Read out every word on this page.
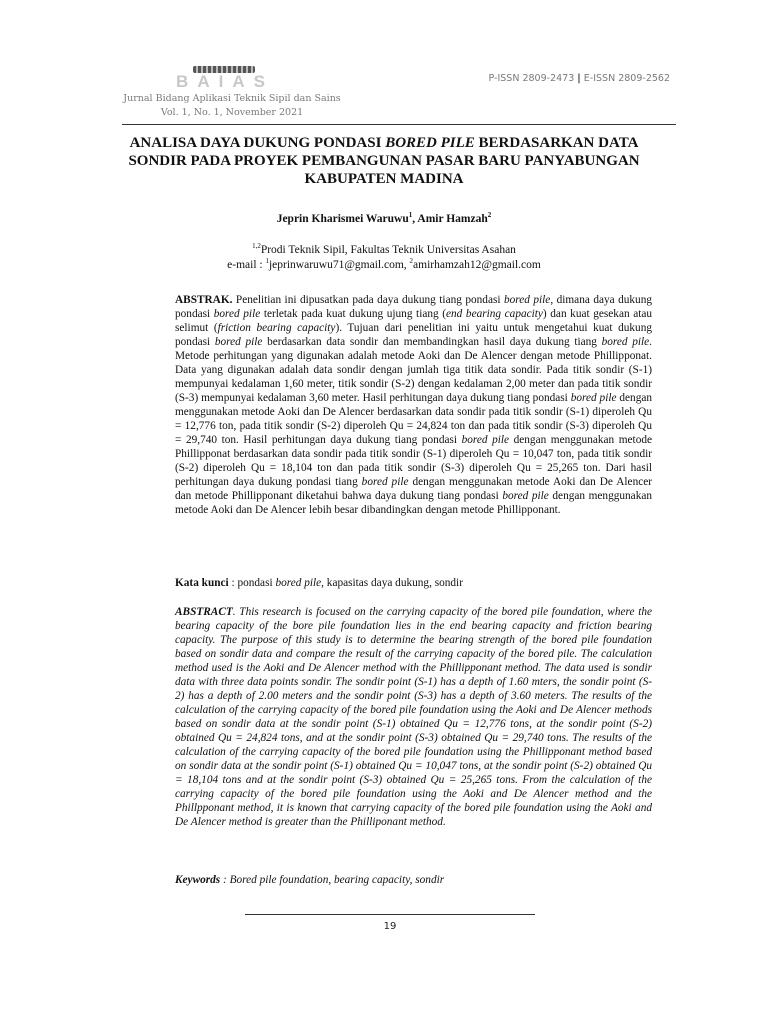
BAIAS
Jurnal Bidang Aplikasi Teknik Sipil dan Sains
Vol. 1, No. 1, November 2021
P-ISSN 2809-2473 | E-ISSN 2809-2562
ANALISA DAYA DUKUNG PONDASI BORED PILE BERDASARKAN DATA SONDIR PADA PROYEK PEMBANGUNAN PASAR BARU PANYABUNGAN KABUPATEN MADINA
Jeprin Kharismei Waruwu$^1$, Amir Hamzah$^2$
$^{1,2}$Prodi Teknik Sipil, Fakultas Teknik Universitas Asahan
e-mail : $^1$jeprinwaruwu71@gmail.com, $^2$amirhamzah12@gmail.com
ABSTRAK. Penelitian ini dipusatkan pada daya dukung tiang pondasi bored pile, dimana daya dukung pondasi bored pile terletak pada kuat dukung ujung tiang (end bearing capacity) dan kuat gesekan atau selimut (friction bearing capacity). Tujuan dari penelitian ini yaitu untuk mengetahui kuat dukung pondasi bored pile berdasarkan data sondir dan membandingkan hasil daya dukung tiang bored pile. Metode perhitungan yang digunakan adalah metode Aoki dan De Alencer dengan metode Phillipponat. Data yang digunakan adalah data sondir dengan jumlah tiga titik data sondir. Pada titik sondir (S-1) mempunyai kedalaman 1,60 meter, titik sondir (S-2) dengan kedalaman 2,00 meter dan pada titik sondir (S-3) mempunyai kedalaman 3,60 meter. Hasil perhitungan daya dukung tiang pondasi bored pile dengan menggunakan metode Aoki dan De Alencer berdasarkan data sondir pada titik sondir (S-1) diperoleh Qu = 12,776 ton, pada titik sondir (S-2) diperoleh Qu = 24,824 ton dan pada titik sondir (S-3) diperoleh Qu = 29,740 ton. Hasil perhitungan daya dukung tiang pondasi bored pile dengan menggunakan metode Phillipponat berdasarkan data sondir pada titik sondir (S-1) diperoleh Qu = 10,047 ton, pada titik sondir (S-2) diperoleh Qu = 18,104 ton dan pada titik sondir (S-3) diperoleh Qu = 25,265 ton. Dari hasil perhitungan daya dukung pondasi tiang bored pile dengan menggunakan metode Aoki dan De Alencer dan metode Phillipponant diketahui bahwa daya dukung tiang pondasi bored pile dengan menggunakan metode Aoki dan De Alencer lebih besar dibandingkan dengan metode Phillipponant.
Kata kunci : pondasi bored pile, kapasitas daya dukung, sondir
ABSTRACT. This research is focused on the carrying capacity of the bored pile foundation, where the bearing capacity of the bore pile foundation lies in the end bearing capacity and friction bearing capacity. The purpose of this study is to determine the bearing strength of the bored pile foundation based on sondir data and compare the result of the carrying capacity of the bored pile. The calculation method used is the Aoki and De Alencer method with the Phillipponant method. The data used is sondir data with three data points sondir. The sondir point (S-1) has a depth of 1.60 mters, the sondir point (S-2) has a depth of 2.00 meters and the sondir point (S-3) has a depth of 3.60 meters. The results of the calculation of the carrying capacity of the bored pile foundation using the Aoki and De Alencer methods based on sondir data at the sondir point (S-1) obtained Qu = 12,776 tons, at the sondir point (S-2) obtained Qu = 24,824 tons, and at the sondir point (S-3) obtained Qu = 29,740 tons. The results of the calculation of the carrying capacity of the bored pile foundation using the Phillipponant method based on sondir data at the sondir point (S-1) obtained Qu = 10,047 tons, at the sondir point (S-2) obtained Qu = 18,104 tons and at the sondir point (S-3) obtained Qu = 25,265 tons. From the calculation of the carrying capacity of the bored pile foundation using the Aoki and De Alencer method and the Phillpponant method, it is known that carrying capacity of the bored pile foundation using the Aoki and De Alencer method is greater than the Philliponant method.
Keywords : Bored pile foundation, bearing capacity, sondir
19
